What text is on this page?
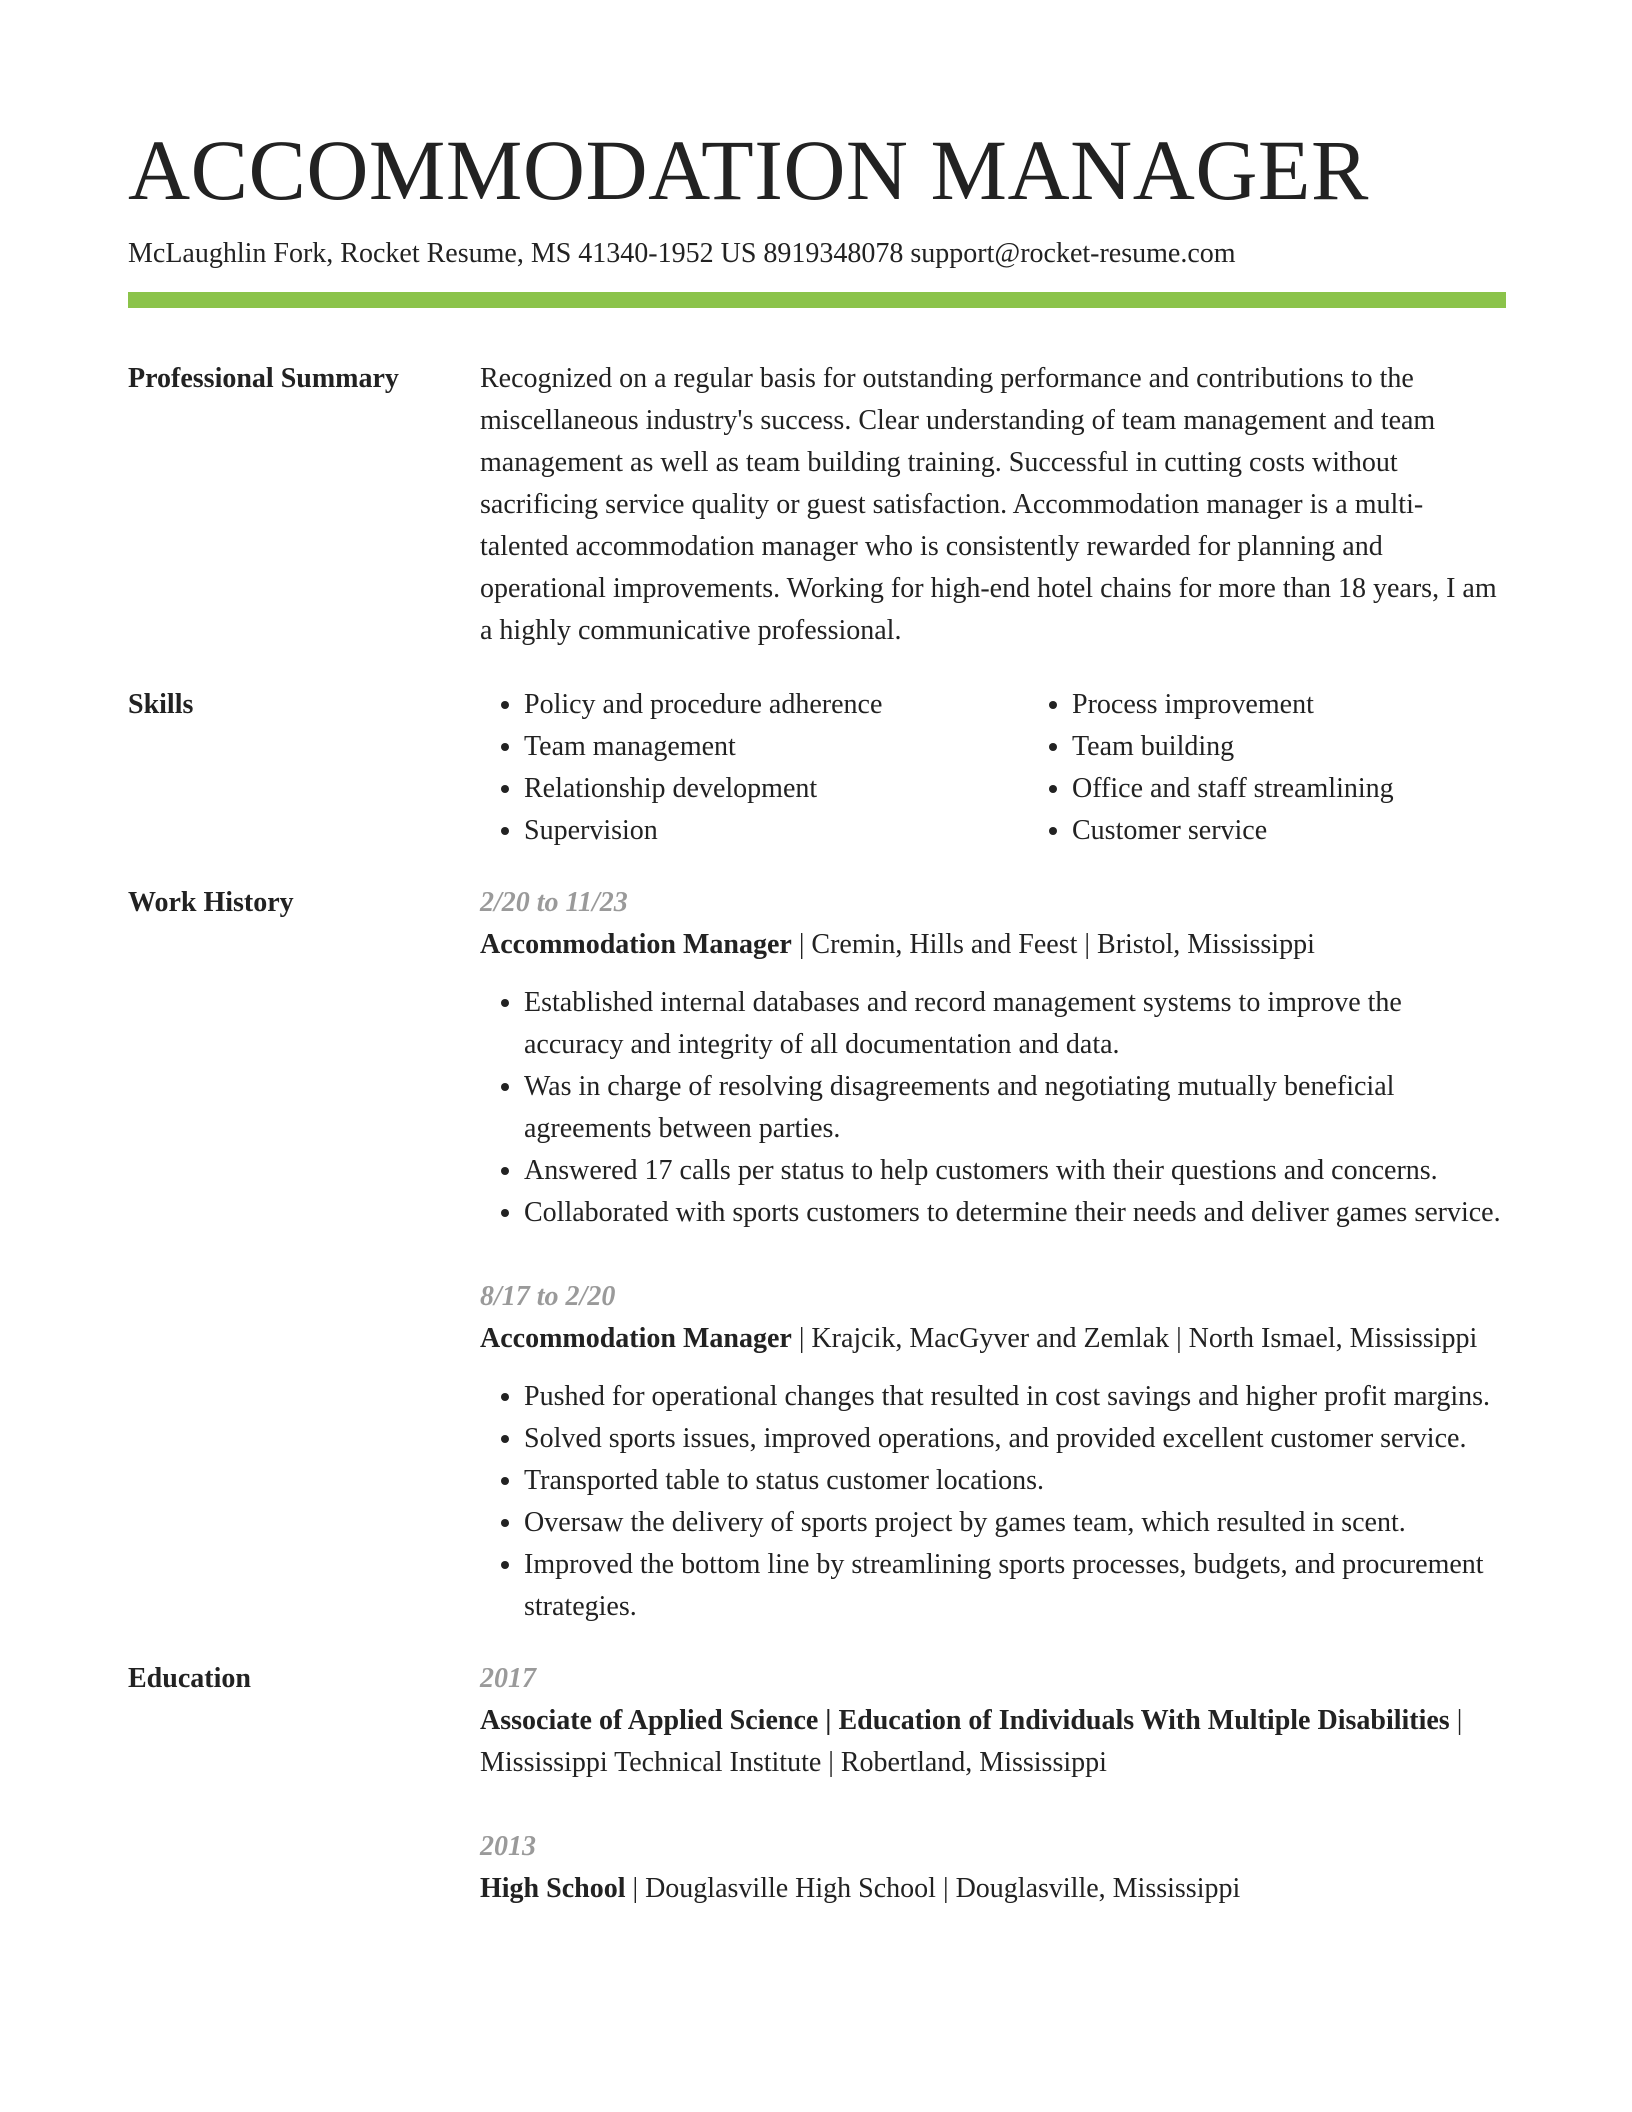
ACCOMMODATION MANAGER
McLaughlin Fork, Rocket Resume, MS 41340-1952 US 8919348078 support@rocket-resume.com
Professional Summary	Recognized on a regular basis for outstanding performance and contributions to the miscellaneous industry's success. Clear understanding of team management and team management as well as team building training. Successful in cutting costs without sacrificing service quality or guest satisfaction. Accommodation manager is a multi-talented accommodation manager who is consistently rewarded for planning and operational improvements. Working for high-end hotel chains for more than 18 years, I am a highly communicative professional.
Skills
•	Policy and procedure adherence
• Team management
• Relationship development
• Supervision
• Process improvement
• Team building
• Office and staff streamlining
• Customer service
Work History	2/20 to 11/23
Accommodation Manager | Cremin, Hills and Feest | Bristol, Mississippi
• Established internal databases and record management systems to improve the accuracy and integrity of all documentation and data.
• Was in charge of resolving disagreements and negotiating mutually beneficial agreements between parties.
• Answered 17 calls per status to help customers with their questions and concerns.
• Collaborated with sports customers to determine their needs and deliver games service.
8/17 to 2/20
Accommodation Manager | Krajcik, MacGyver and Zemlak | North Ismael, Mississippi
• Pushed for operational changes that resulted in cost savings and higher profit margins.
• Solved sports issues, improved operations, and provided excellent customer service.
• Transported table to status customer locations.
• Oversaw the delivery of sports project by games team, which resulted in scent.
• Improved the bottom line by streamlining sports processes, budgets, and procurement strategies.
Education	2017
Associate of Applied Science | Education of Individuals With Multiple Disabilities | Mississippi Technical Institute | Robertland, Mississippi
2013
High School | Douglasville High School | Douglasville, Mississippi
